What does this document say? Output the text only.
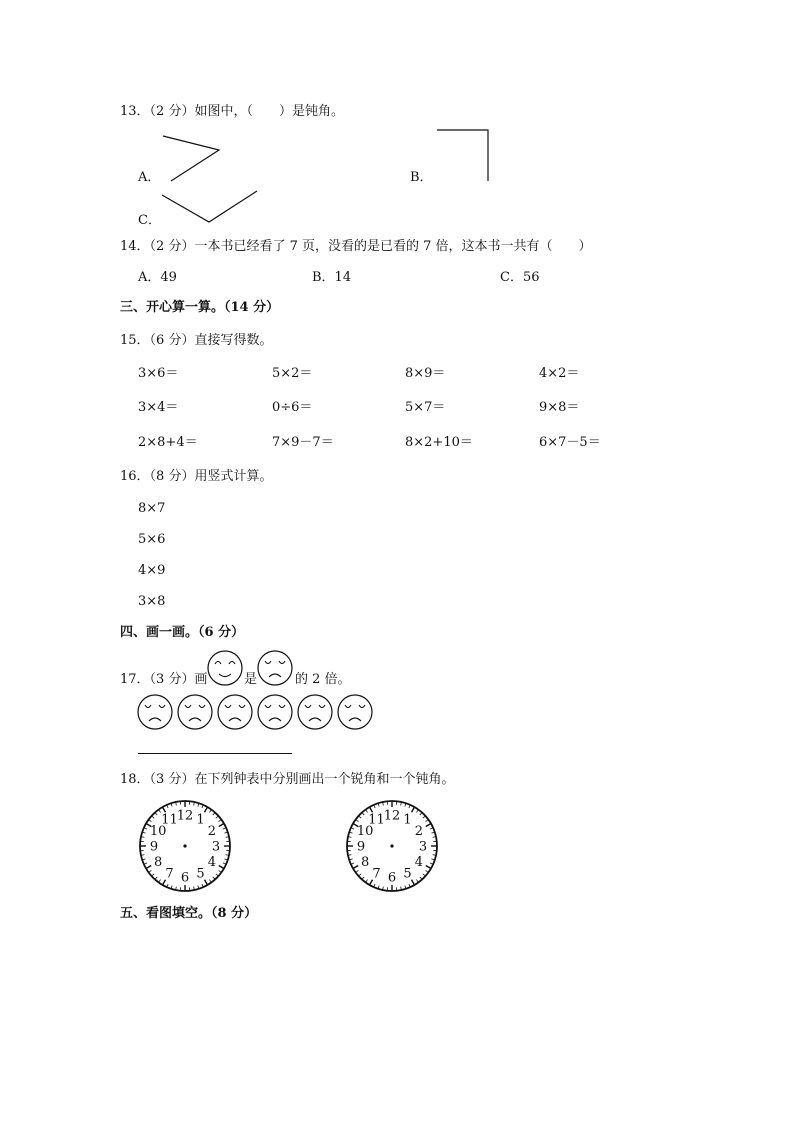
13．（2 分）如图中，（　　）是钝角。
A．	B．
C．
14．（2 分）一本书已经看了 7 页，没看的是已看的 7 倍，这本书一共有（　　）
A．49	B．14	C．56
三、开心算一算。（14 分）
15．（6 分）直接写得数。
3×6＝	5×2＝	8×9＝	4×2＝
3×4＝	0÷6＝	5×7＝	9×8＝
2×8+4＝	7×9－7＝	8×2+10＝	6×7－5＝
16．（8 分）用竖式计算。
8×7
5×6
4×9
3×8
四、画一画。（6 分）
17．（3 分）画	是	的 2 倍。
18．（3 分）在下列钟表中分别画出一个锐角和一个钝角。
12 1
2
3
4
5
6
7
8
9
10
11	12 1
2
3
4
5
6
7
8
9
10
11
五、看图填空。（8 分）
